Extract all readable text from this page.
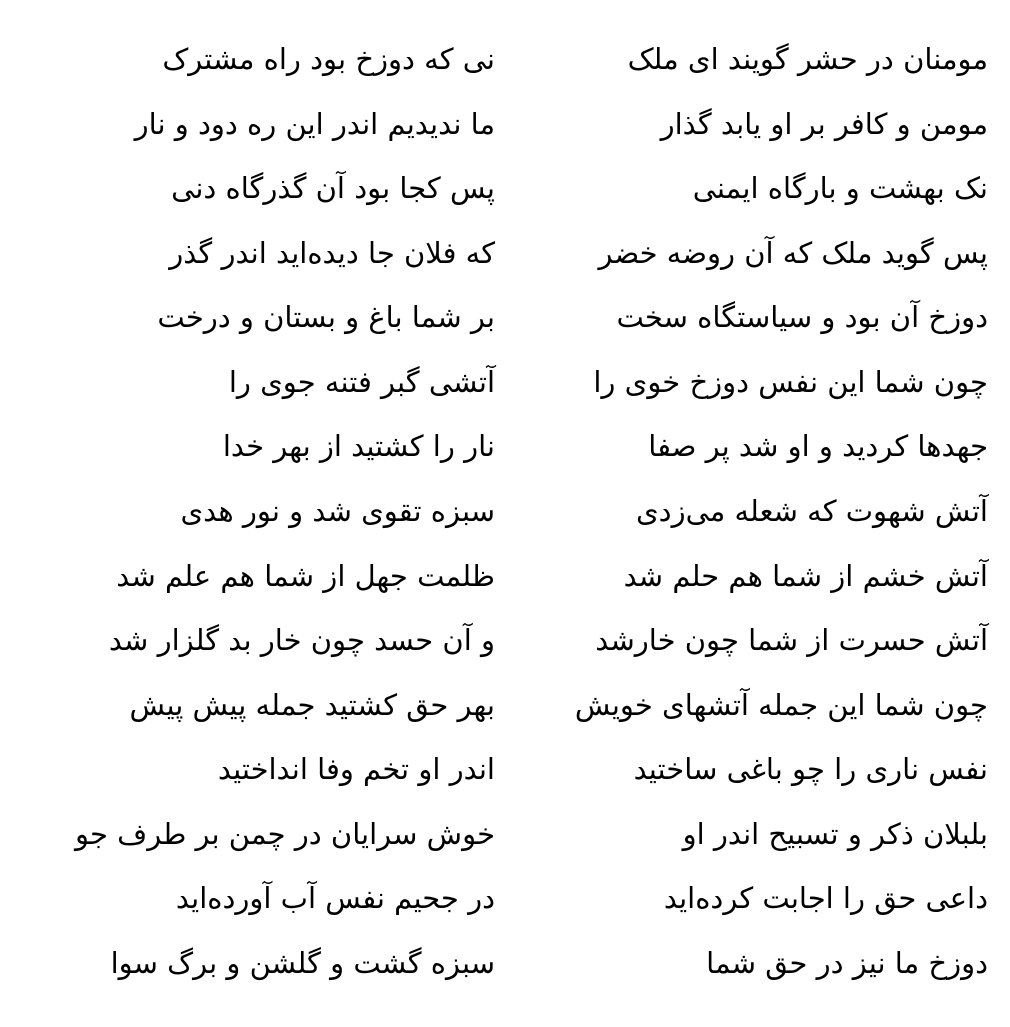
مومنان در حشر گویند ای ملک
نی که دوزخ بود راه مشترک
مومن و کافر بر او یابد گذار
ما ندیدیم اندر این ره دود و نار
نک بهشت و بارگاه ایمنی
پس کجا بود آن گذرگاه دنی
پس گوید ملک که آن روضه خضر
که فلان جا دیده‌اید اندر گذر
دوزخ آن بود و سیاستگاه سخت
بر شما باغ و بستان و درخت
چون شما این نفس دوزخ خوی را
آتشی گبر فتنه جوی را
جهدها کردید و او شد پر صفا
نار را کشتید از بهر خدا
آتش شهوت که شعله می‌زدی
سبزه تقوی شد و نور هدی
آتش خشم از شما هم حلم شد
ظلمت جهل از شما هم علم شد
آتش حسرت از شما چون خارشد
و آن حسد چون خار بد گلزار شد
چون شما این جمله آتشهای خویش
بهر حق کشتید جمله پیش پیش
نفس ناری را چو باغی ساختید
اندر او تخم وفا انداختید
بلبلان ذکر و تسبیح اندر او
خوش سرایان در چمن بر طرف جو
داعی حق را اجابت کرده‌اید
در جحیم نفس آب آورده‌اید
دوزخ ما نیز در حق شما
سبزه گشت و گلشن و برگ سوا
